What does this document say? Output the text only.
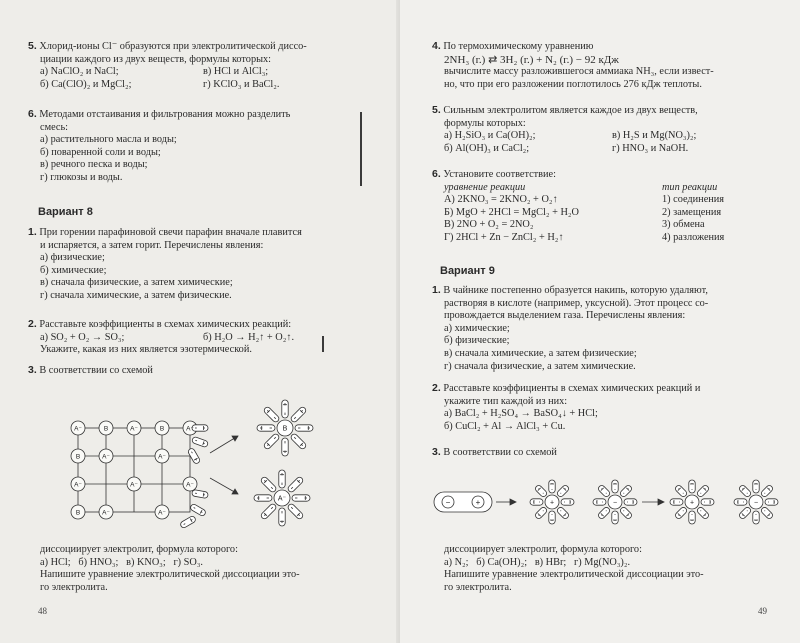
5. Хлорид-ионы Cl⁻ образуются при электролитической диссо-
циации каждого из двух веществ, формулы которых:
а) NaClO₂ и NaCl;	в) HCl и AlCl₃;
б) Ca(ClO)₂ и MgCl₂;	г) KClO₃ и BaCl₂.
6. Методами отстаивания и фильтрования можно разделить
смесь:
а) растительного масла и воды;
б) поваренной соли и воды;
в) речного песка и воды;
г) глюкозы и воды.
Вариант 8
1. При горении парафиновой свечи парафин вначале плавится
и испаряется, а затем горит. Перечислены явления:
а) физические;
б) химические;
в) сначала физические, а затем химические;
г) сначала химические, а затем физические.
2. Расставьте коэффициенты в схемах химических реакций:
а) SO₂ + O₂ → SO₃;	б) H₂O → H₂↑ + O₂↑.
Укажите, какая из них является эзотермической.
3. В соответствии со схемой
B
A⁻
A⁻	B	A⁻	B	A⁻
B	A⁻	A⁻
A⁻	A⁻	A⁻
B	A⁻	A⁻
диссоциирует электролит, формула которого:
а) HCl; б) HNO₃; в) KNO₃; г) SO₃.
Напишите уравнение электролитической диссоциации это-
го электролита.
48
4. По термохимическому уравнению
2NH₃ (г.) ⇄ 3H₂ (г.) + N₂ (г.) − 92 кДж
вычислите массу разложившегося аммиака NH₃, если извест-
но, что при его разложении поглотилось 276 кДж теплоты.
5. Сильным электролитом является каждое из двух веществ,
формулы которых:
а) H₂SiO₃ и Ca(OH)₂;	в) H₂S и Mg(NO₃)₂;
б) Al(OH)₃ и CaCl₂;	г) HNO₃ и NaOH.
6. Установите соответствие:
уравнение реакции	тип реакции
А) 2KNO₃ = 2KNO₂ + O₂↑	1) соединения
Б) MgO + 2HCl = MgCl₂ + H₂O	2) замещения
В) 2NO + O₂ = 2NO₂	3) обмена
Г) 2HCl + Zn − ZnCl₂ + H₂↑	4) разложения
Вариант 9
1. В чайнике постепенно образуется накипь, которую удаляют,
растворяя в кислоте (например, уксусной). Этот процесс со-
провождается выделением газа. Перечислены явления:
а) химические;
б) физические;
в) сначала химические, а затем физические;
г) сначала физические, а затем химические.
2. Расставьте коэффициенты в схемах химических реакций и
укажите тип каждой из них:
а) BaCl₂ + H₂SO₄ → BaSO₄↓ + HCl;
б) CuCl₂ + Al → AlCl₃ + Cu.
3. В соответствии со схемой
−	+	+	−	+	−
диссоциирует электролит, формула которого:
а) N₂; б) Ca(OH)₂; в) HBr; г) Mg(NO₃)₂.
Напишите уравнение электролитической диссоциации это-
го электролита.
49
